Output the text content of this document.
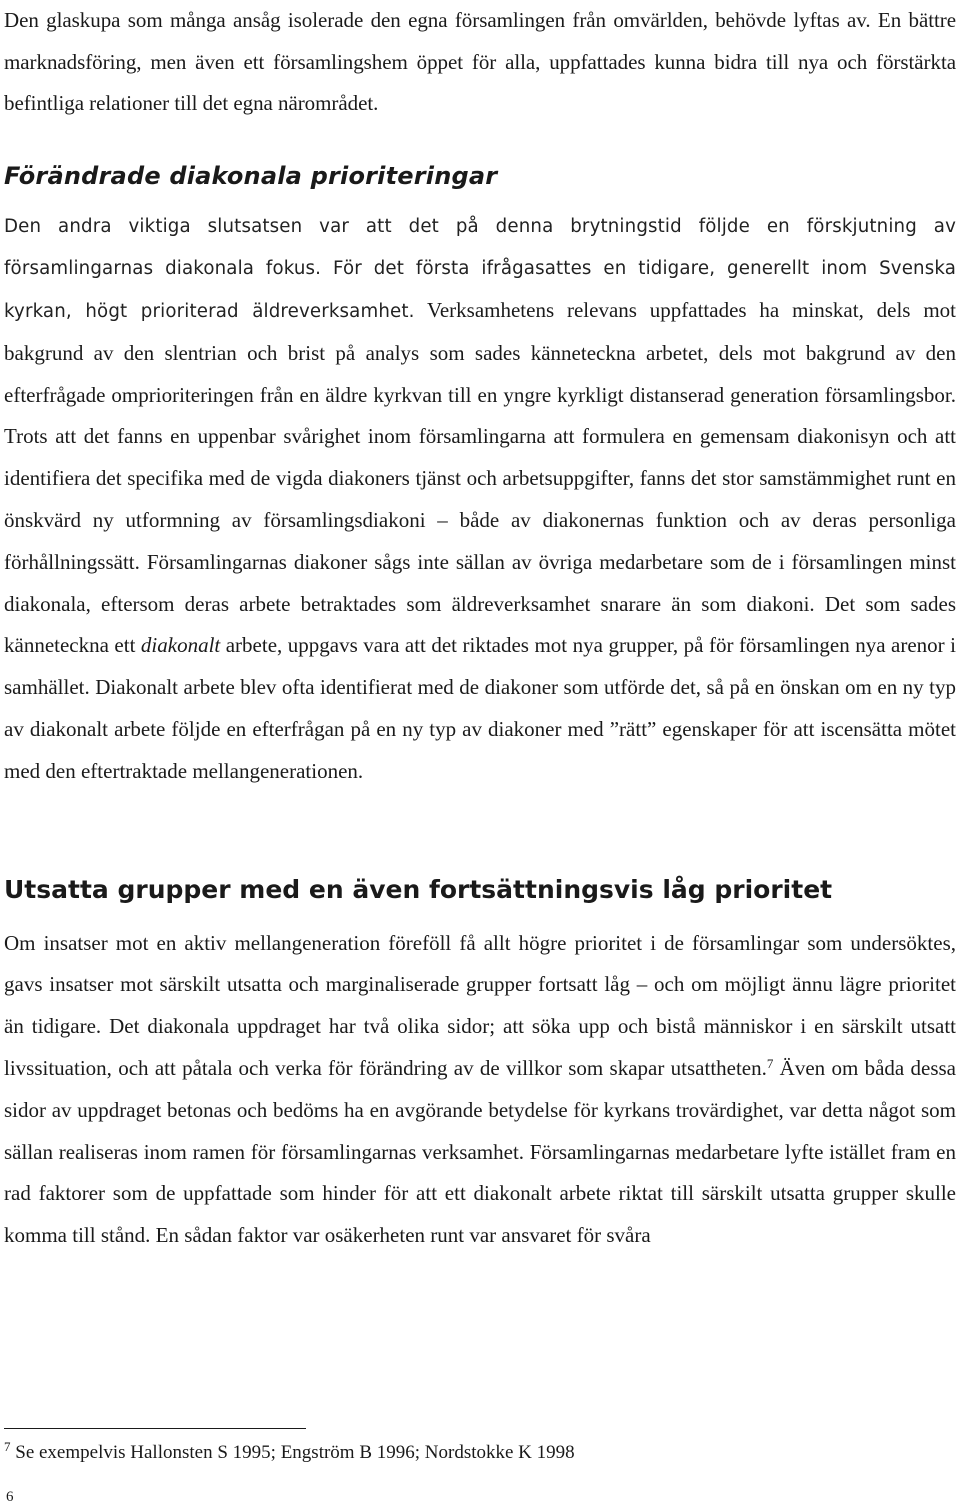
Den glaskupa som många ansåg isolerade den egna församlingen från omvärlden, behövde lyftas av. En bättre marknadsföring, men även ett församlingshem öppet för alla, uppfattades kunna bidra till nya och förstärkta befintliga relationer till det egna närområdet.

Förändrade diakonala prioriteringar

Den andra viktiga slutsatsen var att det på denna brytningstid följde en förskjutning av församlingarnas diakonala fokus. För det första ifrågasattes en tidigare, generellt inom Svenska kyrkan, högt prioriterad äldreverksamhet. Verksamhetens relevans uppfattades ha minskat, dels mot bakgrund av den slentrian och brist på analys som sades känneteckna arbetet, dels mot bakgrund av den efterfrågade omprioriteringen från en äldre kyrkvan till en yngre kyrkligt distanserad generation församlingsbor. Trots att det fanns en uppenbar svårighet inom församlingarna att formulera en gemensam diakonisyn och att identifiera det specifika med de vigda diakoners tjänst och arbetsuppgifter, fanns det stor samstämmighet runt en önskvärd ny utformning av församlingsdiakoni – både av diakonernas funktion och av deras personliga förhållningssätt. Församlingarnas diakoner sågs inte sällan av övriga medarbetare som de i församlingen minst diakonala, eftersom deras arbete betraktades som äldreverksamhet snarare än som diakoni. Det som sades känneteckna ett diakonalt arbete, uppgavs vara att det riktades mot nya grupper, på för församlingen nya arenor i samhället. Diakonalt arbete blev ofta identifierat med de diakoner som utförde det, så på en önskan om en ny typ av diakonalt arbete följde en efterfrågan på en ny typ av diakoner med ”rätt” egenskaper för att iscensätta mötet med den eftertraktade mellangenerationen.

Utsatta grupper med en även fortsättningsvis låg prioritet

Om insatser mot en aktiv mellangeneration föreföll få allt högre prioritet i de församlingar som undersöktes, gavs insatser mot särskilt utsatta och marginaliserade grupper fortsatt låg – och om möjligt ännu lägre prioritet än tidigare. Det diakonala uppdraget har två olika sidor; att söka upp och bistå människor i en särskilt utsatt livssituation, och att påtala och verka för förändring av de villkor som skapar utsattheten.$^7$ Även om båda dessa sidor av uppdraget betonas och bedöms ha en avgörande betydelse för kyrkans trovärdighet, var detta något som sällan realiseras inom ramen för församlingarnas verksamhet. Församlingarnas medarbetare lyfte istället fram en rad faktorer som de uppfattade som hinder för att ett diakonalt arbete riktat till särskilt utsatta grupper skulle komma till stånd. En sådan faktor var osäkerheten runt var ansvaret för svåra

$^7$ Se exempelvis Hallonsten S 1995; Engström B 1996; Nordstokke K 1998
6
